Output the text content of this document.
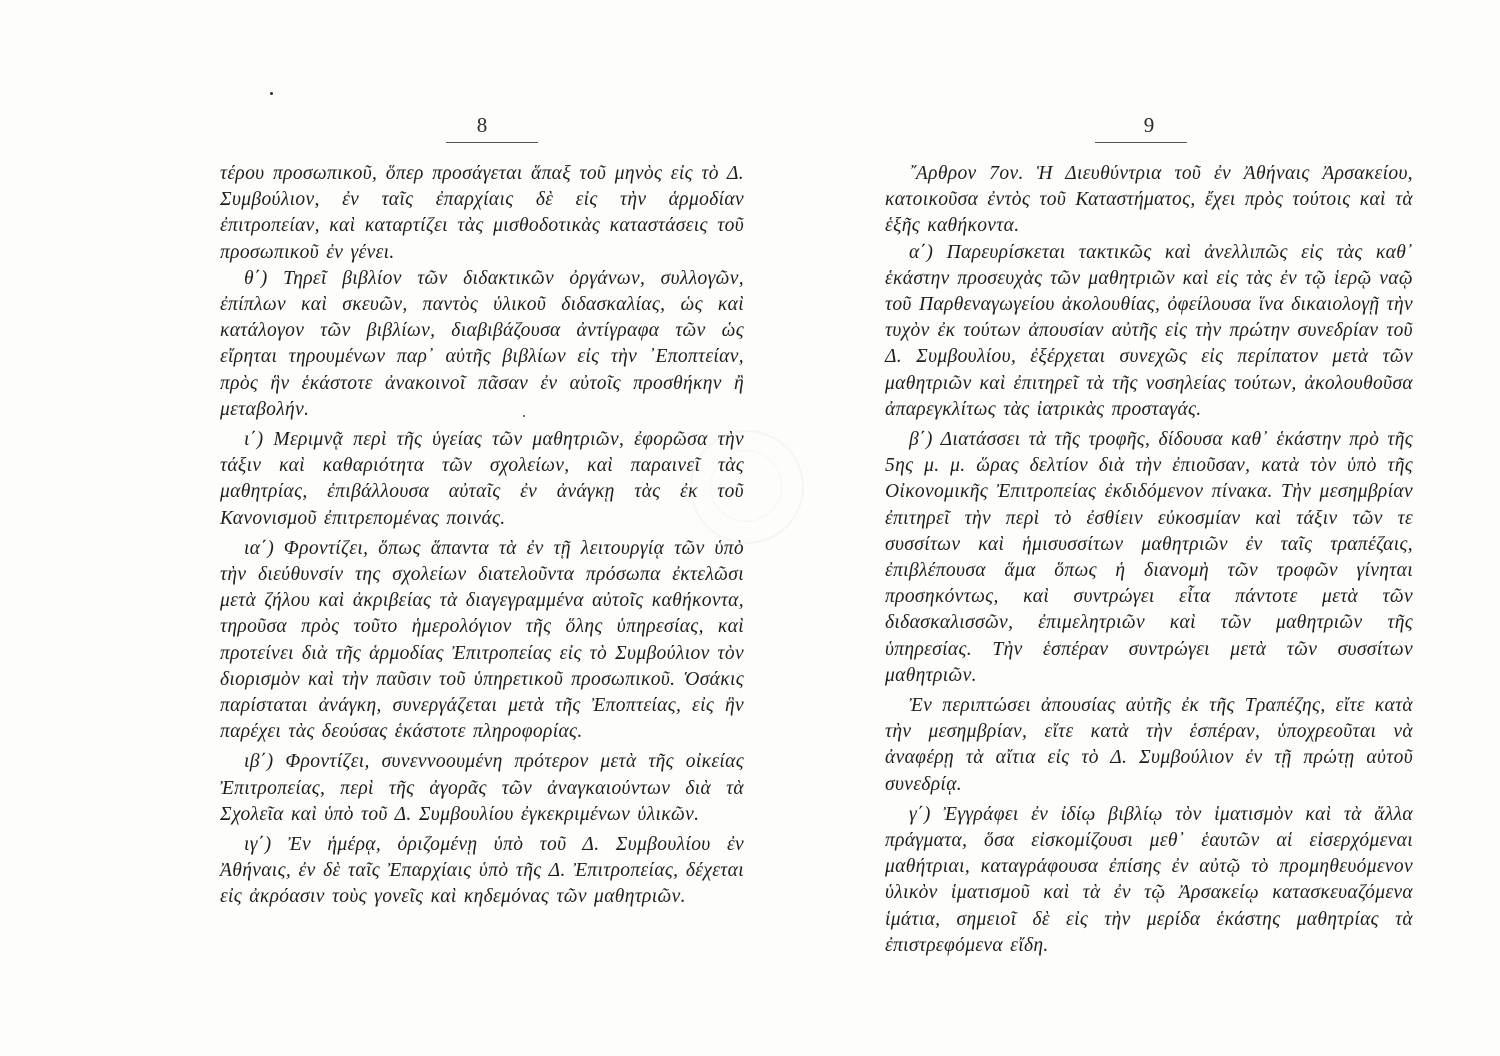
8

τέρου προσωπικοῦ, ὅπερ προσάγεται ἅπαξ τοῦ μηνὸς εἰς τὸ Δ. Συμβούλιον, ἐν ταῖς ἐπαρχίαις δὲ εἰς τὴν ἁρμοδίαν ἐπιτροπείαν, καὶ καταρτίζει τὰς μισθοδοτικὰς καταστάσεις τοῦ προσωπικοῦ ἐν γένει.

θ΄) Τηρεῖ βιβλίον τῶν διδακτικῶν ὀργάνων, συλλογῶν, ἐπίπλων καὶ σκευῶν, παντὸς ὑλικοῦ διδασκαλίας, ὡς καὶ κατάλογον τῶν βιβλίων, διαβιβάζουσα ἀντίγραφα τῶν ὡς εἴρηται τηρουμένων παρ᾿ αὐτῆς βιβλίων εἰς τὴν ᾿Εποπτείαν, πρὸς ἣν ἑκάστοτε ἀνακοινοῖ πᾶσαν ἐν αὐτοῖς προσθήκην ἢ μεταβολήν.

ι΄) Μεριμνᾷ περὶ τῆς ὑγείας τῶν μαθητριῶν, ἐφορῶσα τὴν τάξιν καὶ καθαριότητα τῶν σχολείων, καὶ παραινεῖ τὰς μαθητρίας, ἐπιβάλλουσα αὐταῖς ἐν ἀνάγκῃ τὰς ἐκ τοῦ Κανονισμοῦ ἐπιτρεπομένας ποινάς.

ια΄) Φροντίζει, ὅπως ἅπαντα τὰ ἐν τῇ λειτουργίᾳ τῶν ὑπὸ τὴν διεύθυνσίν της σχολείων διατελοῦντα πρόσωπα ἐκτελῶσι μετὰ ζήλου καὶ ἀκριβείας τὰ διαγεγραμμένα αὐτοῖς καθήκοντα, τηροῦσα πρὸς τοῦτο ἡμερολόγιον τῆς ὅλης ὑπηρεσίας, καὶ προτείνει διὰ τῆς ἁρμοδίας Ἐπιτροπείας εἰς τὸ Συμβούλιον τὸν διορισμὸν καὶ τὴν παῦσιν τοῦ ὑπηρετικοῦ προσωπικοῦ. Ὁσάκις παρίσταται ἀνάγκη, συνεργάζεται μετὰ τῆς Ἐποπτείας, εἰς ἣν παρέχει τὰς δεούσας ἑκάστοτε πληροφορίας.

ιβ΄) Φροντίζει, συνεννοουμένη πρότερον μετὰ τῆς οἰκείας Ἐπιτροπείας, περὶ τῆς ἀγορᾶς τῶν ἀναγκαιούντων διὰ τὰ Σχολεῖα καὶ ὑπὸ τοῦ Δ. Συμβουλίου ἐγκεκριμένων ὑλικῶν.

ιγ΄) Ἐν ἡμέρᾳ, ὁριζομένῃ ὑπὸ τοῦ Δ. Συμβουλίου ἐν Ἀθήναις, ἐν δὲ ταῖς Ἐπαρχίαις ὑπὸ τῆς Δ. Ἐπιτροπείας, δέχεται εἰς ἀκρόασιν τοὺς γονεῖς καὶ κηδεμόνας τῶν μαθητριῶν.

9

῎Αρθρον 7ον. Ἡ Διευθύντρια τοῦ ἐν Ἀθήναις Ἀρσακείου, κατοικοῦσα ἐντὸς τοῦ Καταστήματος, ἔχει πρὸς τούτοις καὶ τὰ ἑξῆς καθήκοντα.

α΄) Παρευρίσκεται τακτικῶς καὶ ἀνελλιπῶς εἰς τὰς καθ᾿ ἑκάστην προσευχὰς τῶν μαθητριῶν καὶ εἰς τὰς ἐν τῷ ἱερῷ ναῷ τοῦ Παρθεναγωγείου ἀκολουθίας, ὀφείλουσα ἵνα δικαιολογῇ τὴν τυχὸν ἐκ τούτων ἀπουσίαν αὐτῆς εἰς τὴν πρώτην συνεδρίαν τοῦ Δ. Συμβουλίου, ἐξέρχεται συνεχῶς εἰς περίπατον μετὰ τῶν μαθητριῶν καὶ ἐπιτηρεῖ τὰ τῆς νοσηλείας τούτων, ἀκολουθοῦσα ἀπαρεγκλίτως τὰς ἰατρικὰς προσταγάς.

β΄) Διατάσσει τὰ τῆς τροφῆς, δίδουσα καθ᾿ ἑκάστην πρὸ τῆς 5ης μ. μ. ὥρας δελτίον διὰ τὴν ἐπιοῦσαν, κατὰ τὸν ὑπὸ τῆς Οἰκονομικῆς Ἐπιτροπείας ἐκδιδόμενον πίνακα. Τὴν μεσημβρίαν ἐπιτηρεῖ τὴν περὶ τὸ ἐσθίειν εὐκοσμίαν καὶ τάξιν τῶν τε συσσίτων καὶ ἡμισυσσίτων μαθητριῶν ἐν ταῖς τραπέζαις, ἐπιβλέπουσα ἅμα ὅπως ἡ διανομὴ τῶν τροφῶν γίνηται προσηκόντως, καὶ συντρώγει εἶτα πάντοτε μετὰ τῶν διδασκαλισσῶν, ἐπιμελητριῶν καὶ τῶν μαθητριῶν τῆς ὑπηρεσίας. Τὴν ἑσπέραν συντρώγει μετὰ τῶν συσσίτων μαθητριῶν.

Ἐν περιπτώσει ἀπουσίας αὐτῆς ἐκ τῆς Τραπέζης, εἴτε κατὰ τὴν μεσημβρίαν, εἴτε κατὰ τὴν ἑσπέραν, ὑποχρεοῦται νὰ ἀναφέρῃ τὰ αἴτια εἰς τὸ Δ. Συμβούλιον ἐν τῇ πρώτῃ αὐτοῦ συνεδρίᾳ.

γ΄) Ἐγγράφει ἐν ἰδίῳ βιβλίῳ τὸν ἱματισμὸν καὶ τὰ ἄλλα πράγματα, ὅσα εἰσκομίζουσι μεθ᾿ ἑαυτῶν αἱ εἰσερχόμεναι μαθήτριαι, καταγράφουσα ἐπίσης ἐν αὐτῷ τὸ προμηθευόμενον ὑλικὸν ἱματισμοῦ καὶ τὰ ἐν τῷ Ἀρσακείῳ κατασκευαζόμενα ἱμάτια, σημειοῖ δὲ εἰς τὴν μερίδα ἑκάστης μαθητρίας τὰ ἐπιστρεφόμενα εἴδη.
